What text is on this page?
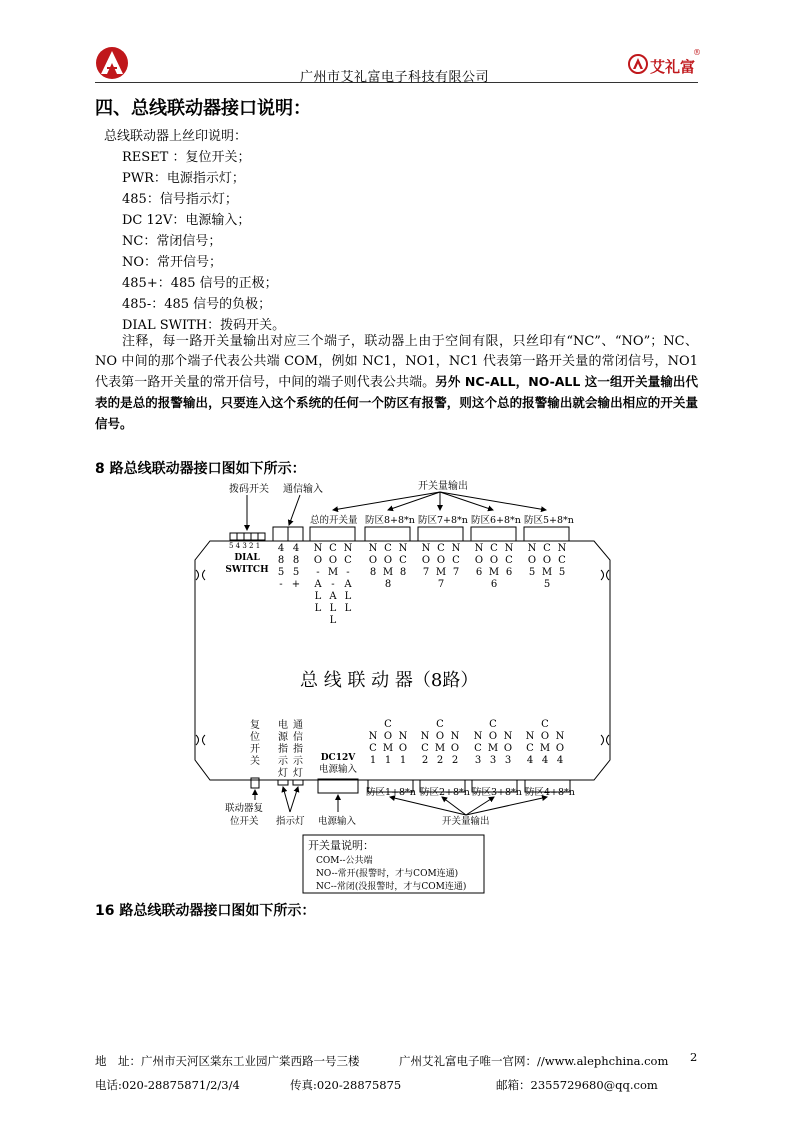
广州市艾礼富电子科技有限公司
艾礼富
®
四、总线联动器接口说明：
总线联动器上丝印说明：
RESET ：复位开关；
PWR：电源指示灯；
485：信号指示灯；
DC 12V：电源输入；
NC：常闭信号；
NO：常开信号；
485+：485 信号的正极；
485-：485 信号的负极；
DIAL SWITH：拨码开关。
注释，每一路开关量输出对应三个端子，联动器上由于空间有限，只丝印有“NC”、“NO”；NC、NO 中间的那个端子代表公共端 COM，例如 NC1，NO1，NC1 代表第一路开关量的常闭信号，NO1 代表第一路开关量的常开信号，中间的端子则代表公共端。另外 NC-ALL，NO-ALL 这一组开关量输出代表的是总的报警输出，只要连入这个系统的任何一个防区有报警，则这个总的报警输出就会输出相应的开关量信号。
8 路总线联动器接口图如下所示：
拨码开关 通信输入	开关量输出
总的开关量 防区8+8*n 防区7+8*n 防区6+8*n 防区5+8*n
5 4 3 2 1
DIAL
SWITCH
4
8
5
-
4
8
5
+
N
O
-
A
L
L
C
O
M
-
A
L
L
N
C
-
A
L
L
N
O
8
C
O
M
8
N
C
8
N
O
7
C
O
M
7
N
C
7
N
O
6
C
O
M
6
N
C
6
N
O
5
C
O
M
5
N
C
5
总 线 联 动 器（8路）
复
位
开
关
电
源
指
示
灯
通
信
指
示
灯
DC12V
电源输入
N
C
1
C
O
M
1
N
O
1
N
C
2
C
O
M
2
N
O
2
N
C
3
C
O
M
3
N
O
3
N
C
4
C
O
M
4
N
O
4
防区1+8*n 防区2+8*n 防区3+8*n 防区4+8*n
联动器复
位开关 指示灯 电源输入	开关量输出
开关量说明：
COM--公共端
NO--常开(报警时，才与COM连通)
NC--常闭(没报警时，才与COM连通)
16 路总线联动器接口图如下所示：
地　址：广州市天河区棠东工业园广棠西路一号三楼	广州艾礼富电子唯一官网：//www.alephchina.com 2
电话:020-28875871/2/3/4	传真:020-28875875	邮箱：2355729680@qq.com
